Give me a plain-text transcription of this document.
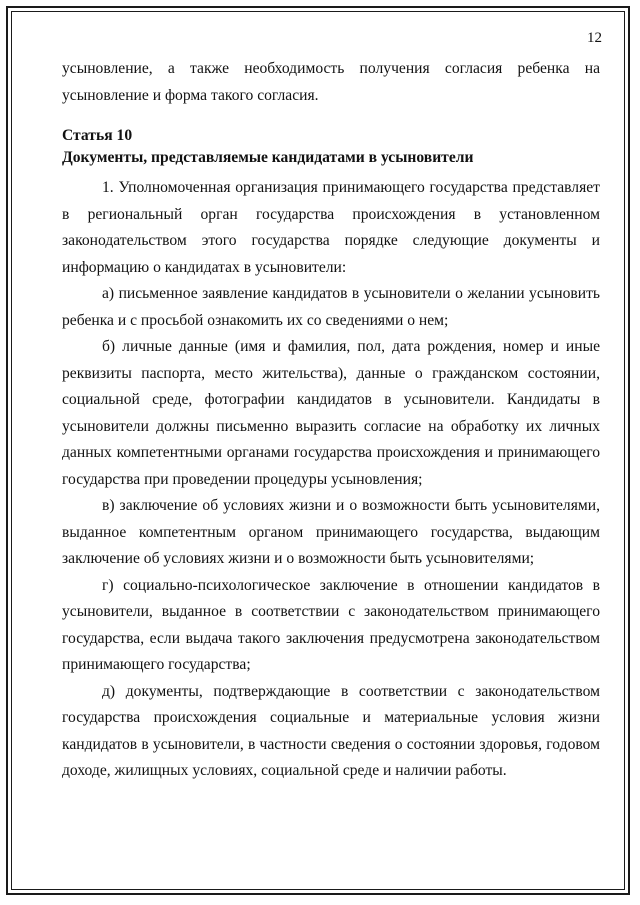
12

усыновление, а также необходимость получения согласия ребенка на усыновление и форма такого согласия.

Статья 10

Документы, представляемые кандидатами в усыновители

1. Уполномоченная организация принимающего государства представляет в региональный орган государства происхождения в установленном законодательством этого государства порядке следующие документы и информацию о кандидатах в усыновители:

а) письменное заявление кандидатов в усыновители о желании усыновить ребенка и с просьбой ознакомить их со сведениями о нем;

б) личные данные (имя и фамилия, пол, дата рождения, номер и иные реквизиты паспорта, место жительства), данные о гражданском состоянии, социальной среде, фотографии кандидатов в усыновители. Кандидаты в усыновители должны письменно выразить согласие на обработку их личных данных компетентными органами государства происхождения и принимающего государства при проведении процедуры усыновления;

в) заключение об условиях жизни и о возможности быть усыновителями, выданное компетентным органом принимающего государства, выдающим заключение об условиях жизни и о возможности быть усыновителями;

г) социально-психологическое заключение в отношении кандидатов в усыновители, выданное в соответствии с законодательством принимающего государства, если выдача такого заключения предусмотрена законодательством принимающего государства;

д) документы, подтверждающие в соответствии с законодательством государства происхождения социальные и материальные условия жизни кандидатов в усыновители, в частности сведения о состоянии здоровья, годовом доходе, жилищных условиях, социальной среде и наличии работы.
